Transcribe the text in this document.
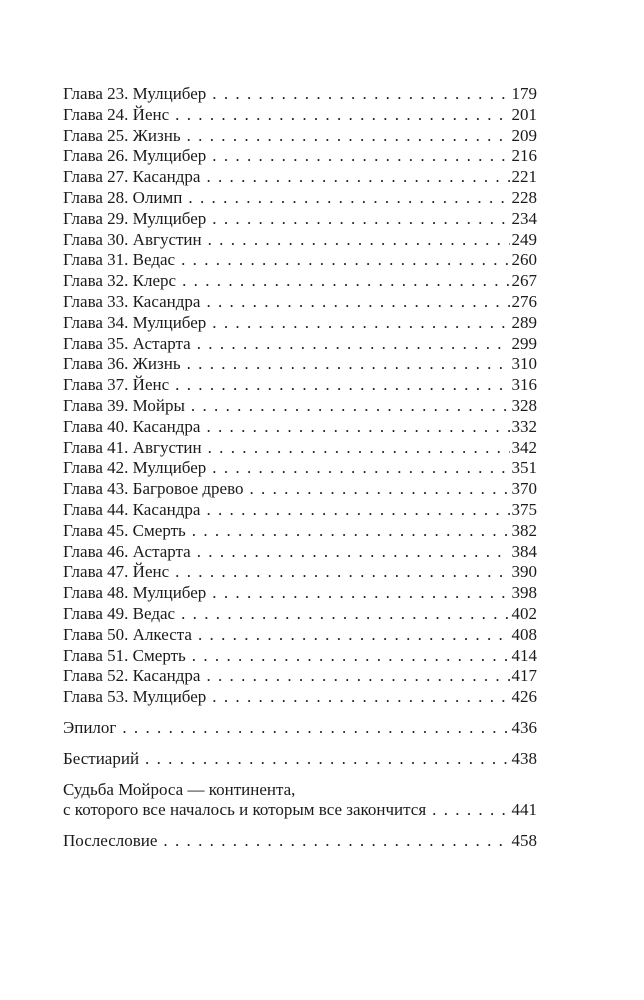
Глава 23. Мулцибер . . .	179
Глава 24. Йенс . . .	201
Глава 25. Жизнь . . .	209
Глава 26. Мулцибер . . .	216
Глава 27. Касандра . . .	221
Глава 28. Олимп . . .	228
Глава 29. Мулцибер . . .	234
Глава 30. Августин . . .	249
Глава 31. Ведас . . .	260
Глава 32. Клерс . . .	267
Глава 33. Касандра . . .	276
Глава 34. Мулцибер . . .	289
Глава 35. Астарта . . .	299
Глава 36. Жизнь . . .	310
Глава 37. Йенс . . .	316
Глава 39. Мойры . . .	328
Глава 40. Касандра . . .	332
Глава 41. Августин . . .	342
Глава 42. Мулцибер . . .	351
Глава 43. Багровое древо . . .	370
Глава 44. Касандра . . .	375
Глава 45. Смерть . . .	382
Глава 46. Астарта . . .	384
Глава 47. Йенс . . .	390
Глава 48. Мулцибер . . .	398
Глава 49. Ведас . . .	402
Глава 50. Алкеста . . .	408
Глава 51. Смерть . . .	414
Глава 52. Касандра . . .	417
Глава 53. Мулцибер . . .	426
Эпилог . . .	436
Бестиарий . . .	438
Судьба Мойроса — континента,
с которого все началось и которым все закончится . . .	441
Послесловие . . .	458
